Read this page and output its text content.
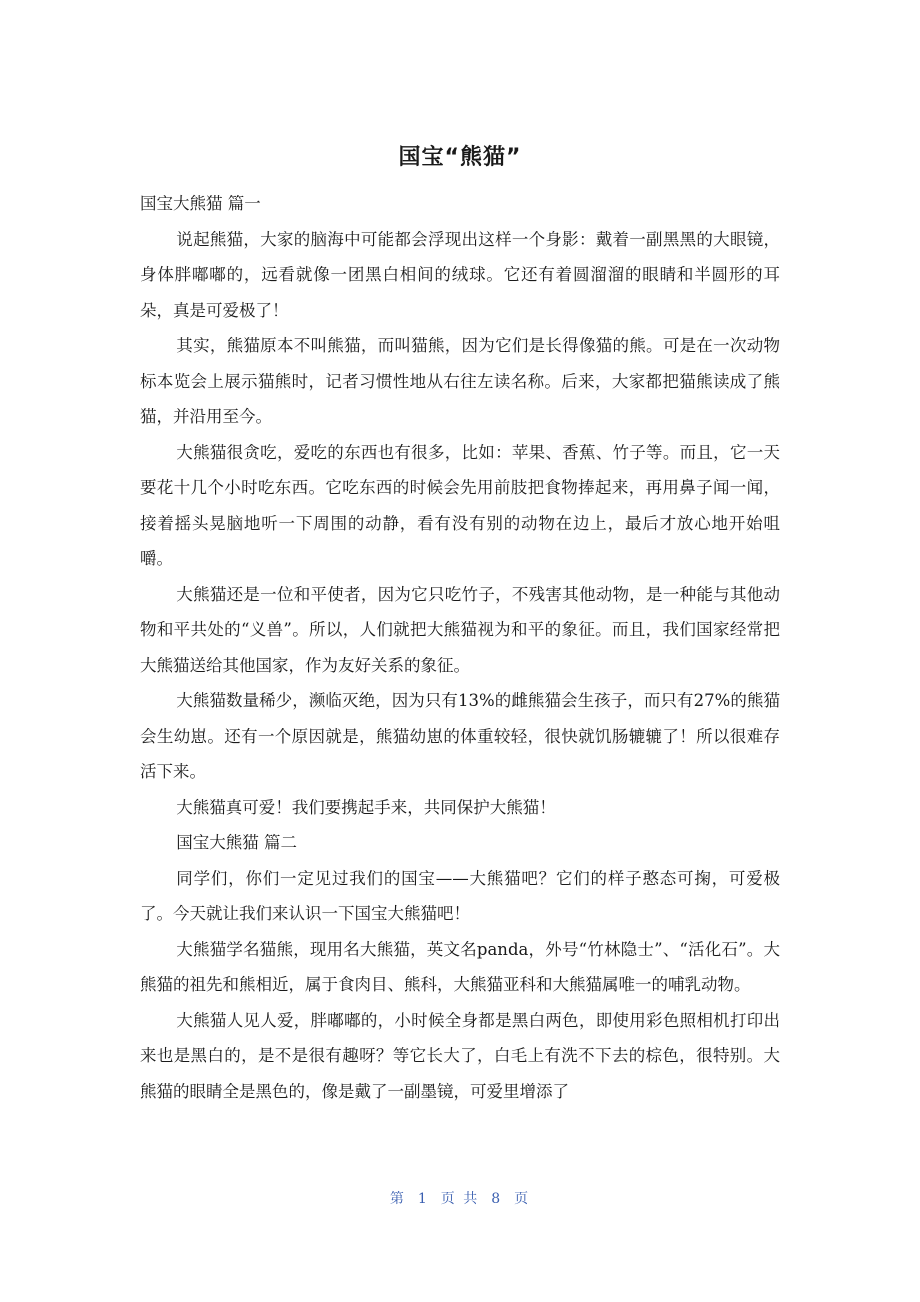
国宝“熊猫”

国宝大熊猫 篇一

说起熊猫，大家的脑海中可能都会浮现出这样一个身影：戴着一副黑黑的大眼镜，身体胖嘟嘟的，远看就像一团黑白相间的绒球。它还有着圆溜溜的眼睛和半圆形的耳朵，真是可爱极了！

其实，熊猫原本不叫熊猫，而叫猫熊，因为它们是长得像猫的熊。可是在一次动物标本览会上展示猫熊时，记者习惯性地从右往左读名称。后来，大家都把猫熊读成了熊猫，并沿用至今。

大熊猫很贪吃，爱吃的东西也有很多，比如：苹果、香蕉、竹子等。而且，它一天要花十几个小时吃东西。它吃东西的时候会先用前肢把食物捧起来，再用鼻子闻一闻，接着摇头晃脑地听一下周围的动静，看有没有别的动物在边上，最后才放心地开始咀嚼。

大熊猫还是一位和平使者，因为它只吃竹子，不残害其他动物，是一种能与其他动物和平共处的“义兽”。所以，人们就把大熊猫视为和平的象征。而且，我们国家经常把大熊猫送给其他国家，作为友好关系的象征。

大熊猫数量稀少，濒临灭绝，因为只有13%的雌熊猫会生孩子，而只有27%的熊猫会生幼崽。还有一个原因就是，熊猫幼崽的体重较轻，很快就饥肠辘辘了！所以很难存活下来。

大熊猫真可爱！我们要携起手来，共同保护大熊猫！

国宝大熊猫 篇二

同学们，你们一定见过我们的国宝——大熊猫吧？它们的样子憨态可掬，可爱极了。今天就让我们来认识一下国宝大熊猫吧！

大熊猫学名猫熊，现用名大熊猫，英文名panda，外号“竹林隐士”、“活化石”。大熊猫的祖先和熊相近，属于食肉目、熊科，大熊猫亚科和大熊猫属唯一的哺乳动物。

大熊猫人见人爱，胖嘟嘟的，小时候全身都是黑白两色，即使用彩色照相机打印出来也是黑白的，是不是很有趣呀？等它长大了，白毛上有洗不下去的棕色，很特别。大熊猫的眼睛全是黑色的，像是戴了一副墨镜，可爱里增添了

第 1 页 共 8 页
